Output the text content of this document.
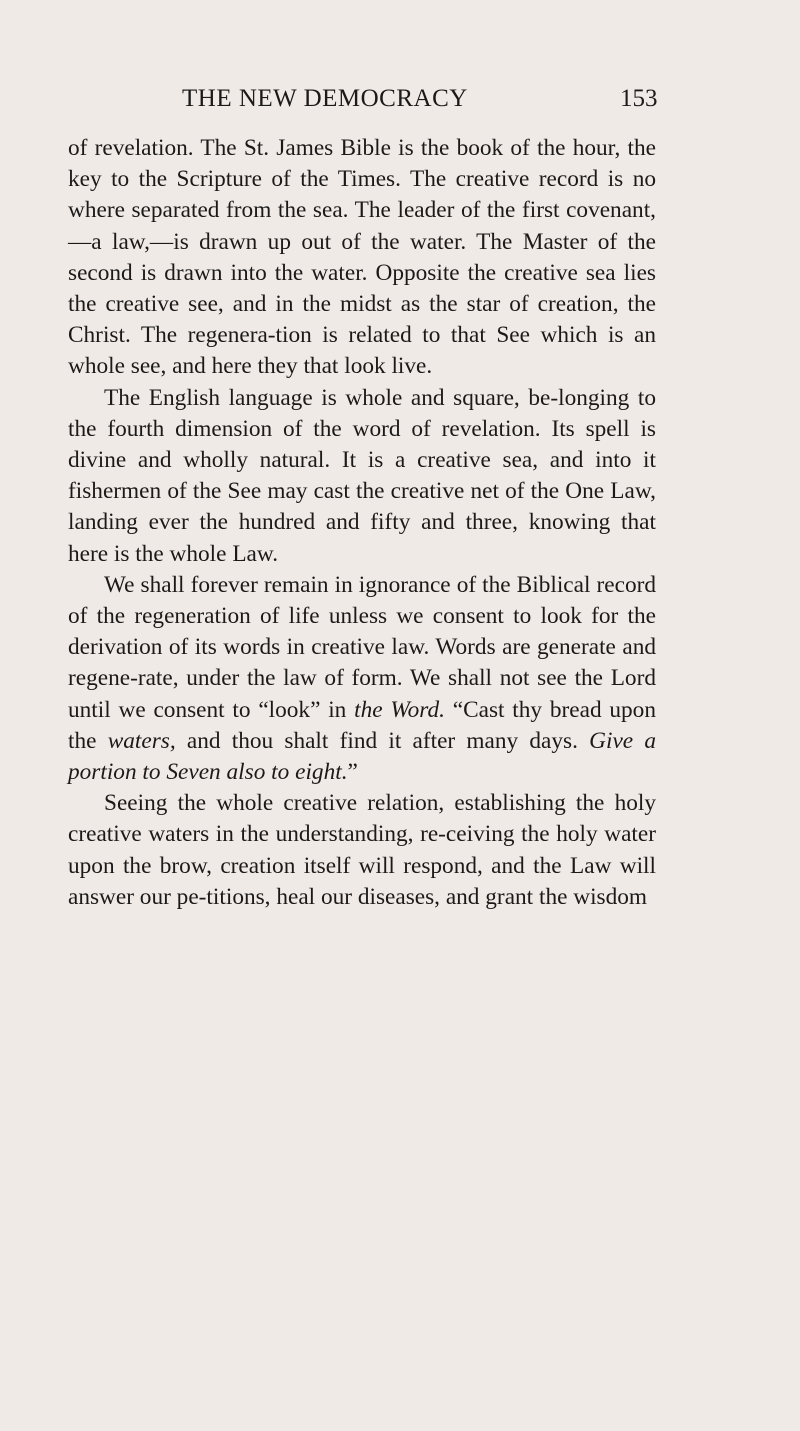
THE NEW DEMOCRACY	153

of revelation. The St. James Bible is the book of the hour, the key to the Scripture of the Times. The creative record is no where separated from the sea. The leader of the first covenant,—a law,—is drawn up out of the water. The Master of the second is drawn into the water. Opposite the creative sea lies the creative see, and in the midst as the star of creation, the Christ. The regenera-tion is related to that See which is an whole see, and here they that look live.

The English language is whole and square, be-longing to the fourth dimension of the word of revelation. Its spell is divine and wholly natural. It is a creative sea, and into it fishermen of the See may cast the creative net of the One Law, landing ever the hundred and fifty and three, knowing that here is the whole Law.

We shall forever remain in ignorance of the Biblical record of the regeneration of life unless we consent to look for the derivation of its words in creative law. Words are generate and regene-rate, under the law of form. We shall not see the Lord until we consent to “look” in the Word. “Cast thy bread upon the waters, and thou shalt find it after many days. Give a portion to Seven also to eight.”

Seeing the whole creative relation, establishing the holy creative waters in the understanding, re-ceiving the holy water upon the brow, creation itself will respond, and the Law will answer our pe-titions, heal our diseases, and grant the wisdom
